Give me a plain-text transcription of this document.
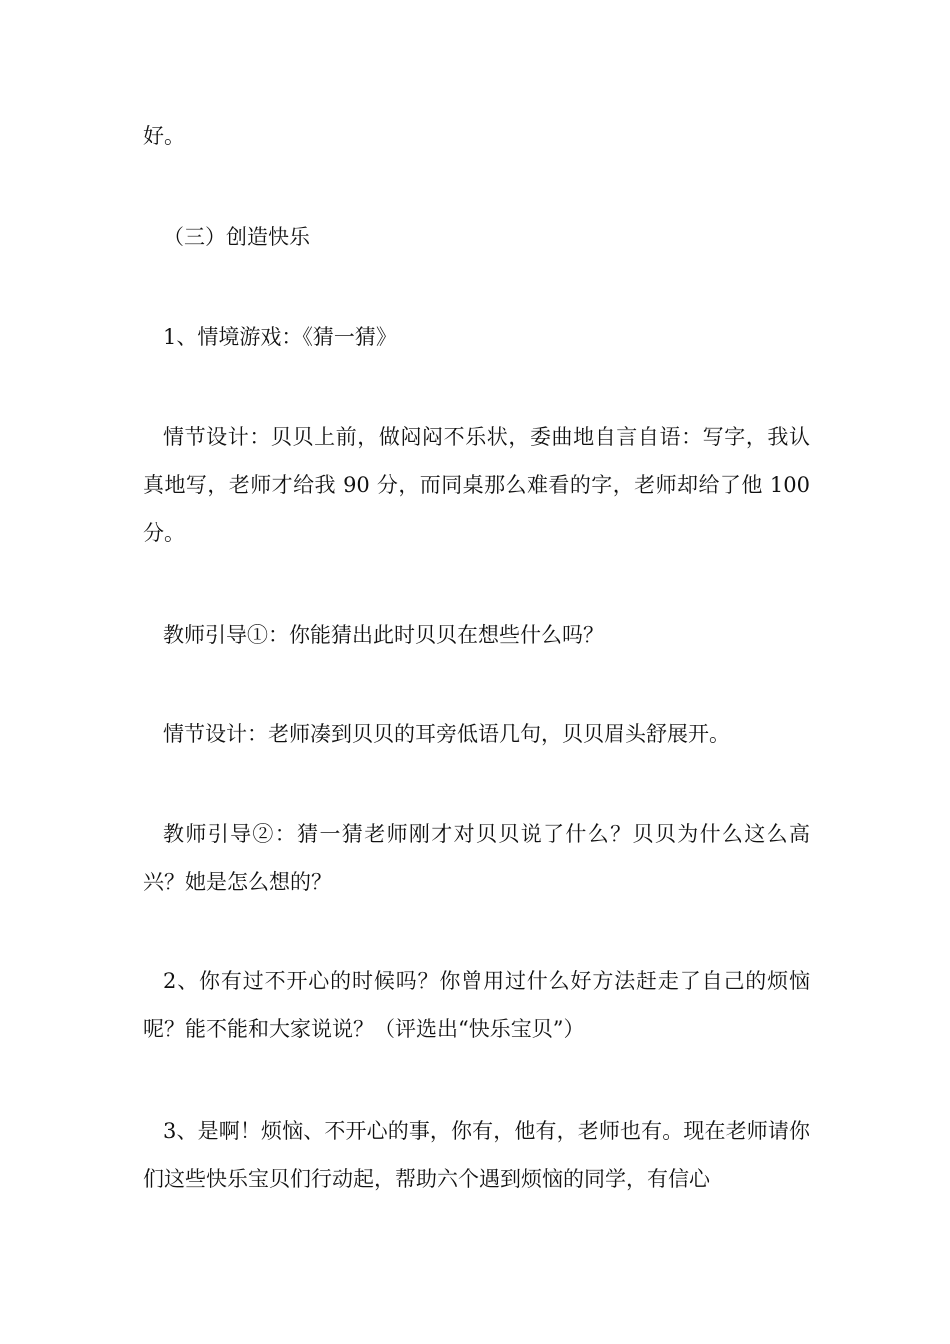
好。

（三）创造快乐

1、情境游戏：《猜一猜》

情节设计：贝贝上前，做闷闷不乐状，委曲地自言自语：写字，我认真地写，老师才给我 90 分，而同桌那么难看的字，老师却给了他 100 分。

教师引导①：你能猜出此时贝贝在想些什么吗？

情节设计：老师凑到贝贝的耳旁低语几句，贝贝眉头舒展开。

教师引导②：猜一猜老师刚才对贝贝说了什么？贝贝为什么这么高兴？她是怎么想的？

2、你有过不开心的时候吗？你曾用过什么好方法赶走了自己的烦恼呢？能不能和大家说说？（评选出“快乐宝贝”）

3、是啊！烦恼、不开心的事，你有，他有，老师也有。现在老师请你们这些快乐宝贝们行动起，帮助六个遇到烦恼的同学，有信心
